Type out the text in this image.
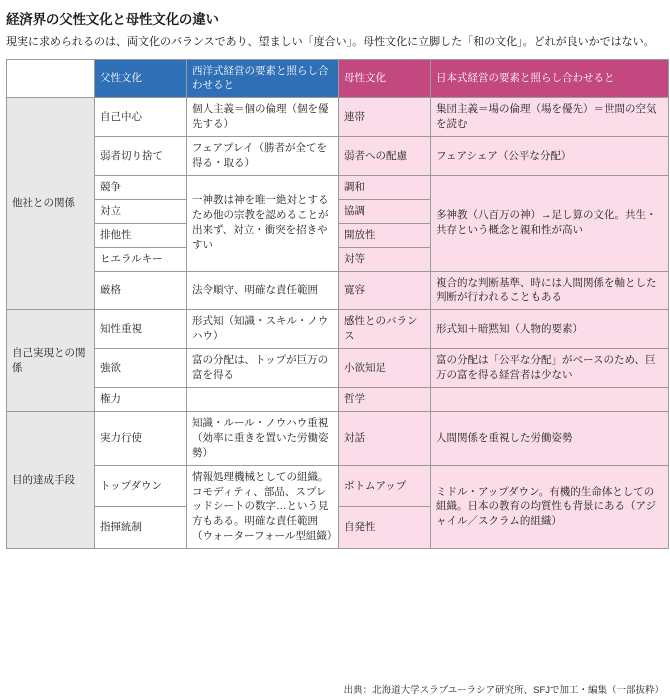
経済界の父性文化と母性文化の違い

現実に求められるのは、両文化のバランスであり、望ましい「度合い」。母性文化に立脚した「和の文化」。どれが良いかではない。

	父性文化	西洋式経営の要素と照らし合わせると	母性文化	日本式経営の要素と照らし合わせると
他社との関係	自己中心	個人主義＝個の倫理（個を優先する）	連帯	集団主義＝場の倫理（場を優先）＝世間の空気を読む
	弱者切り捨て	フェアプレイ（勝者が全てを得る・取る）	弱者への配慮	フェアシェア（公平な分配）
	競争	一神教は神を唯一絶対とするため他の宗教を認めることが出来ず、対立・衝突を招きやすい	調和	多神教（八百万の神）→足し算の文化。共生・共存という概念と親和性が高い
	対立		協調	
	排他性		開放性	
	ヒエラルキー		対等	
	厳格	法令順守、明確な責任範囲	寛容	複合的な判断基準、時には人間関係を軸とした判断が行われることもある
自己実現との関係	知性重視	形式知（知識・スキル・ノウハウ）	感性とのバランス	形式知＋暗黙知（人物的要素）
	強欲	富の分配は、トップが巨万の富を得る	小欲知足	富の分配は「公平な分配」がベースのため、巨万の富を得る経営者は少ない
	権力		哲学	
目的達成手段	実力行使	知識・ルール・ノウハウ重視（効率に重きを置いた労働姿勢）	対話	人間関係を重視した労働姿勢
	トップダウン	情報処理機械としての組織。コモディティ、部品、スプレッドシートの数字…という見方もある。明確な責任範囲（ウォーターフォール型組織）	ボトムアップ	ミドル・アップダウン。有機的生命体としての組織。日本の教育の均質性も背景にある（アジャイル／スクラム的組織）
	指揮統制		自発性	
出典：北海道大学スラブユーラシア研究所、SFJで加工・編集（一部抜粋）
